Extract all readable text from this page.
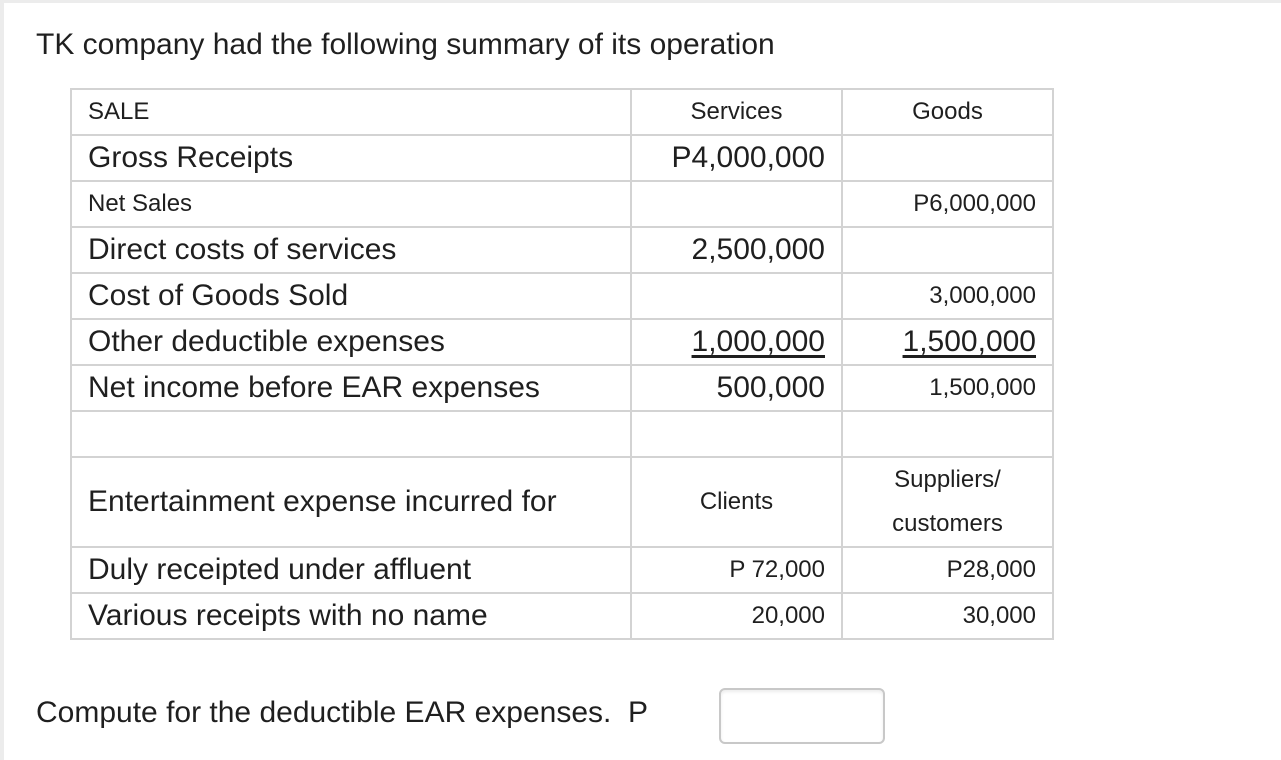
TK company had the following summary of its operation
SALE	Services	Goods
Gross Receipts	P4,000,000	
Net Sales		P6,000,000
Direct costs of services	2,500,000	
Cost of Goods Sold		3,000,000
Other deductible expenses	1,000,000	1,500,000
Net income before EAR expenses	500,000	1,500,000

Entertainment expense incurred for	Clients	Suppliers/
customers
Duly receipted under affluent	P 72,000	P28,000
Various receipts with no name	20,000	30,000
Compute for the deductible EAR expenses. P
